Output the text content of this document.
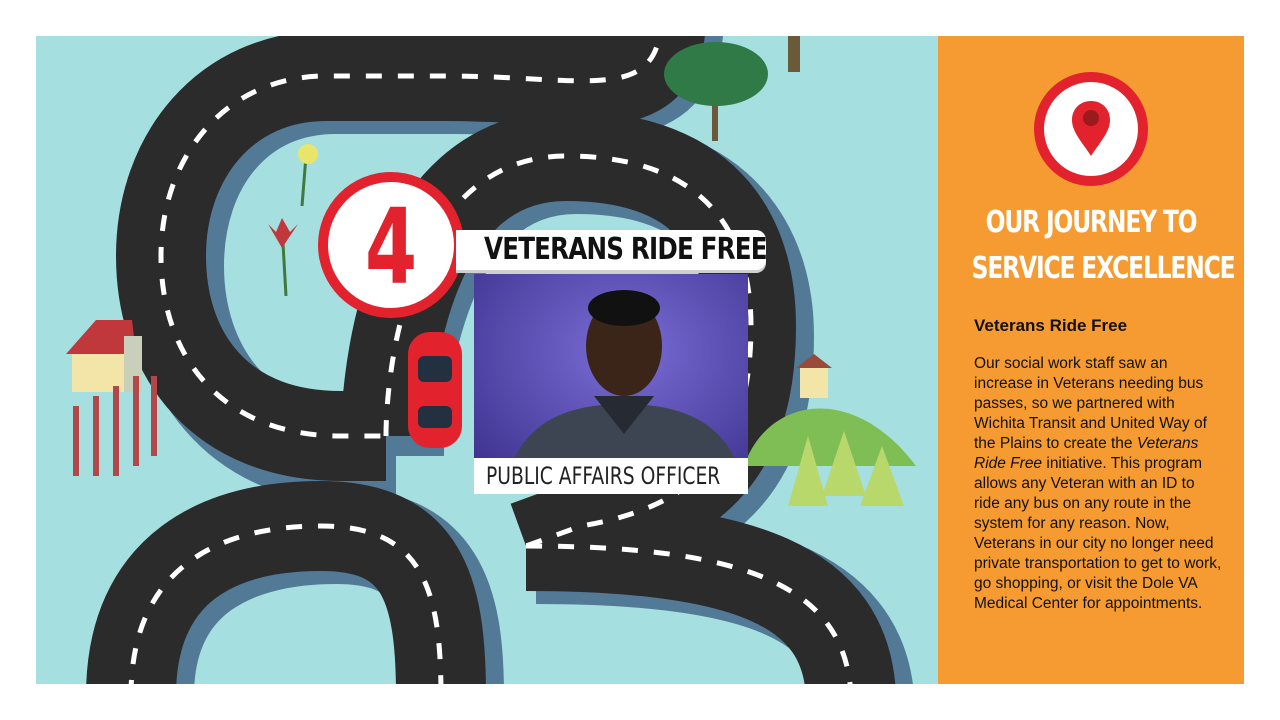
4	VETERANS RIDE FREE
PUBLIC AFFAIRS OFFICER
OUR JOURNEY TO
SERVICE EXCELLENCE
Veterans Ride Free
Our social work staff saw an increase in Veterans needing bus passes, so we partnered with Wichita Transit and United Way of the Plains to create the Veterans Ride Free initiative. This program allows any Veteran with an ID to ride any bus on any route in the system for any reason. Now, Veterans in our city no longer need private transportation to get to work, go shopping, or visit the Dole VA Medical Center for appointments.
